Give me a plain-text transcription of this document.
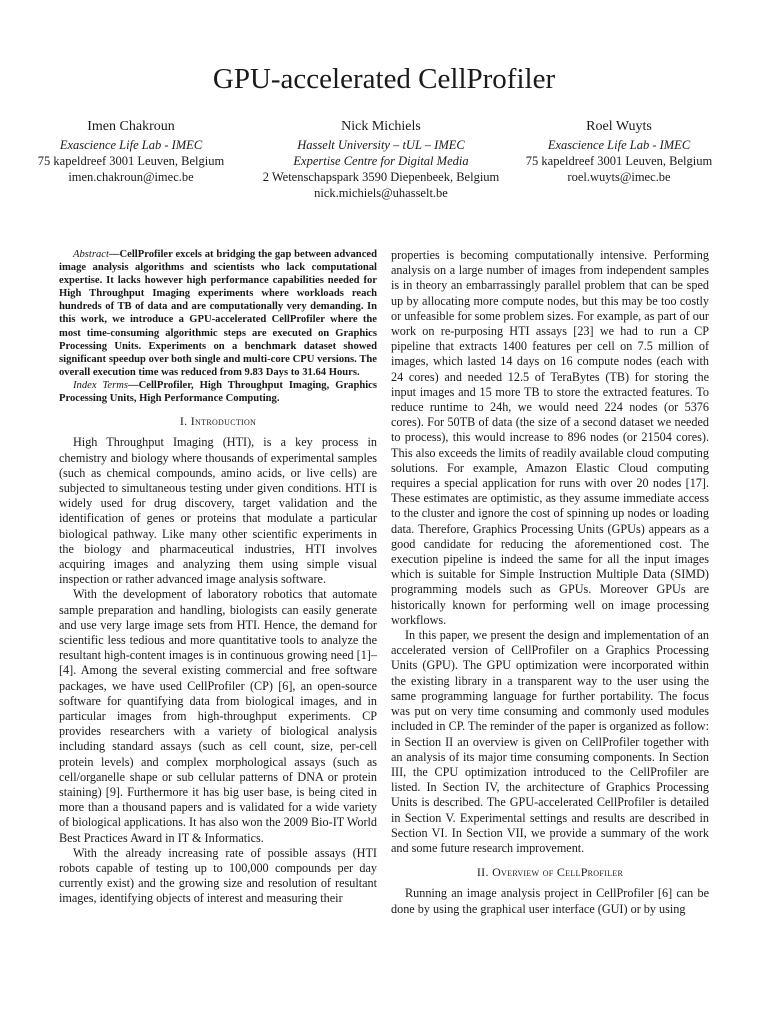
GPU-accelerated CellProfiler
Imen Chakroun
Exascience Life Lab - IMEC
75 kapeldreef 3001 Leuven, Belgium
imen.chakroun@imec.be
Nick Michiels
Hasselt University – tUL – IMEC
Expertise Centre for Digital Media
2 Wetenschapspark 3590 Diepenbeek, Belgium
nick.michiels@uhasselt.be
Roel Wuyts
Exascience Life Lab - IMEC
75 kapeldreef 3001 Leuven, Belgium
roel.wuyts@imec.be

Abstract—CellProfiler excels at bridging the gap between advanced image analysis algorithms and scientists who lack computational expertise. It lacks however high performance capabilities needed for High Throughput Imaging experiments where workloads reach hundreds of TB of data and are computationally very demanding. In this work, we introduce a GPU-accelerated CellProfiler where the most time-consuming algorithmic steps are executed on Graphics Processing Units. Experiments on a benchmark dataset showed significant speedup over both single and multi-core CPU versions. The overall execution time was reduced from 9.83 Days to 31.64 Hours.

Index Terms—CellProfiler, High Throughput Imaging, Graphics Processing Units, High Performance Computing.

I. Introduction

High Throughput Imaging (HTI), is a key process in chemistry and biology where thousands of experimental samples (such as chemical compounds, amino acids, or live cells) are subjected to simultaneous testing under given conditions. HTI is widely used for drug discovery, target validation and the identification of genes or proteins that modulate a particular biological pathway. Like many other scientific experiments in the biology and pharmaceutical industries, HTI involves acquiring images and analyzing them using simple visual inspection or rather advanced image analysis software.

With the development of laboratory robotics that automate sample preparation and handling, biologists can easily generate and use very large image sets from HTI. Hence, the demand for scientific less tedious and more quantitative tools to analyze the resultant high-content images is in continuous growing need [1]–[4]. Among the several existing commercial and free software packages, we have used CellProfiler (CP) [6], an open-source software for quantifying data from biological images, and in particular images from high-throughput experiments. CP provides researchers with a variety of biological analysis including standard assays (such as cell count, size, per-cell protein levels) and complex morphological assays (such as cell/organelle shape or sub cellular patterns of DNA or protein staining) [9]. Furthermore it has big user base, is being cited in more than a thousand papers and is validated for a wide variety of biological applications. It has also won the 2009 Bio-IT World Best Practices Award in IT & Informatics.

With the already increasing rate of possible assays (HTI robots capable of testing up to 100,000 compounds per day currently exist) and the growing size and resolution of resultant images, identifying objects of interest and measuring their

properties is becoming computationally intensive. Performing analysis on a large number of images from independent samples is in theory an embarrassingly parallel problem that can be sped up by allocating more compute nodes, but this may be too costly or unfeasible for some problem sizes. For example, as part of our work on re-purposing HTI assays [23] we had to run a CP pipeline that extracts 1400 features per cell on 7.5 million of images, which lasted 14 days on 16 compute nodes (each with 24 cores) and needed 12.5 of TeraBytes (TB) for storing the input images and 15 more TB to store the extracted features. To reduce runtime to 24h, we would need 224 nodes (or 5376 cores). For 50TB of data (the size of a second dataset we needed to process), this would increase to 896 nodes (or 21504 cores). This also exceeds the limits of readily available cloud computing solutions. For example, Amazon Elastic Cloud computing requires a special application for runs with over 20 nodes [17]. These estimates are optimistic, as they assume immediate access to the cluster and ignore the cost of spinning up nodes or loading data. Therefore, Graphics Processing Units (GPUs) appears as a good candidate for reducing the aforementioned cost. The execution pipeline is indeed the same for all the input images which is suitable for Simple Instruction Multiple Data (SIMD) programming models such as GPUs. Moreover GPUs are historically known for performing well on image processing workflows.

In this paper, we present the design and implementation of an accelerated version of CellProfiler on a Graphics Processing Units (GPU). The GPU optimization were incorporated within the existing library in a transparent way to the user using the same programming language for further portability. The focus was put on very time consuming and commonly used modules included in CP. The reminder of the paper is organized as follow: in Section II an overview is given on CellProfiler together with an analysis of its major time consuming components. In Section III, the CPU optimization introduced to the CellProfiler are listed. In Section IV, the architecture of Graphics Processing Units is described. The GPU-accelerated CellProfiler is detailed in Section V. Experimental settings and results are described in Section VI. In Section VII, we provide a summary of the work and some future research improvement.

II. Overview of CellProfiler

Running an image analysis project in CellProfiler [6] can be done by using the graphical user interface (GUI) or by using
